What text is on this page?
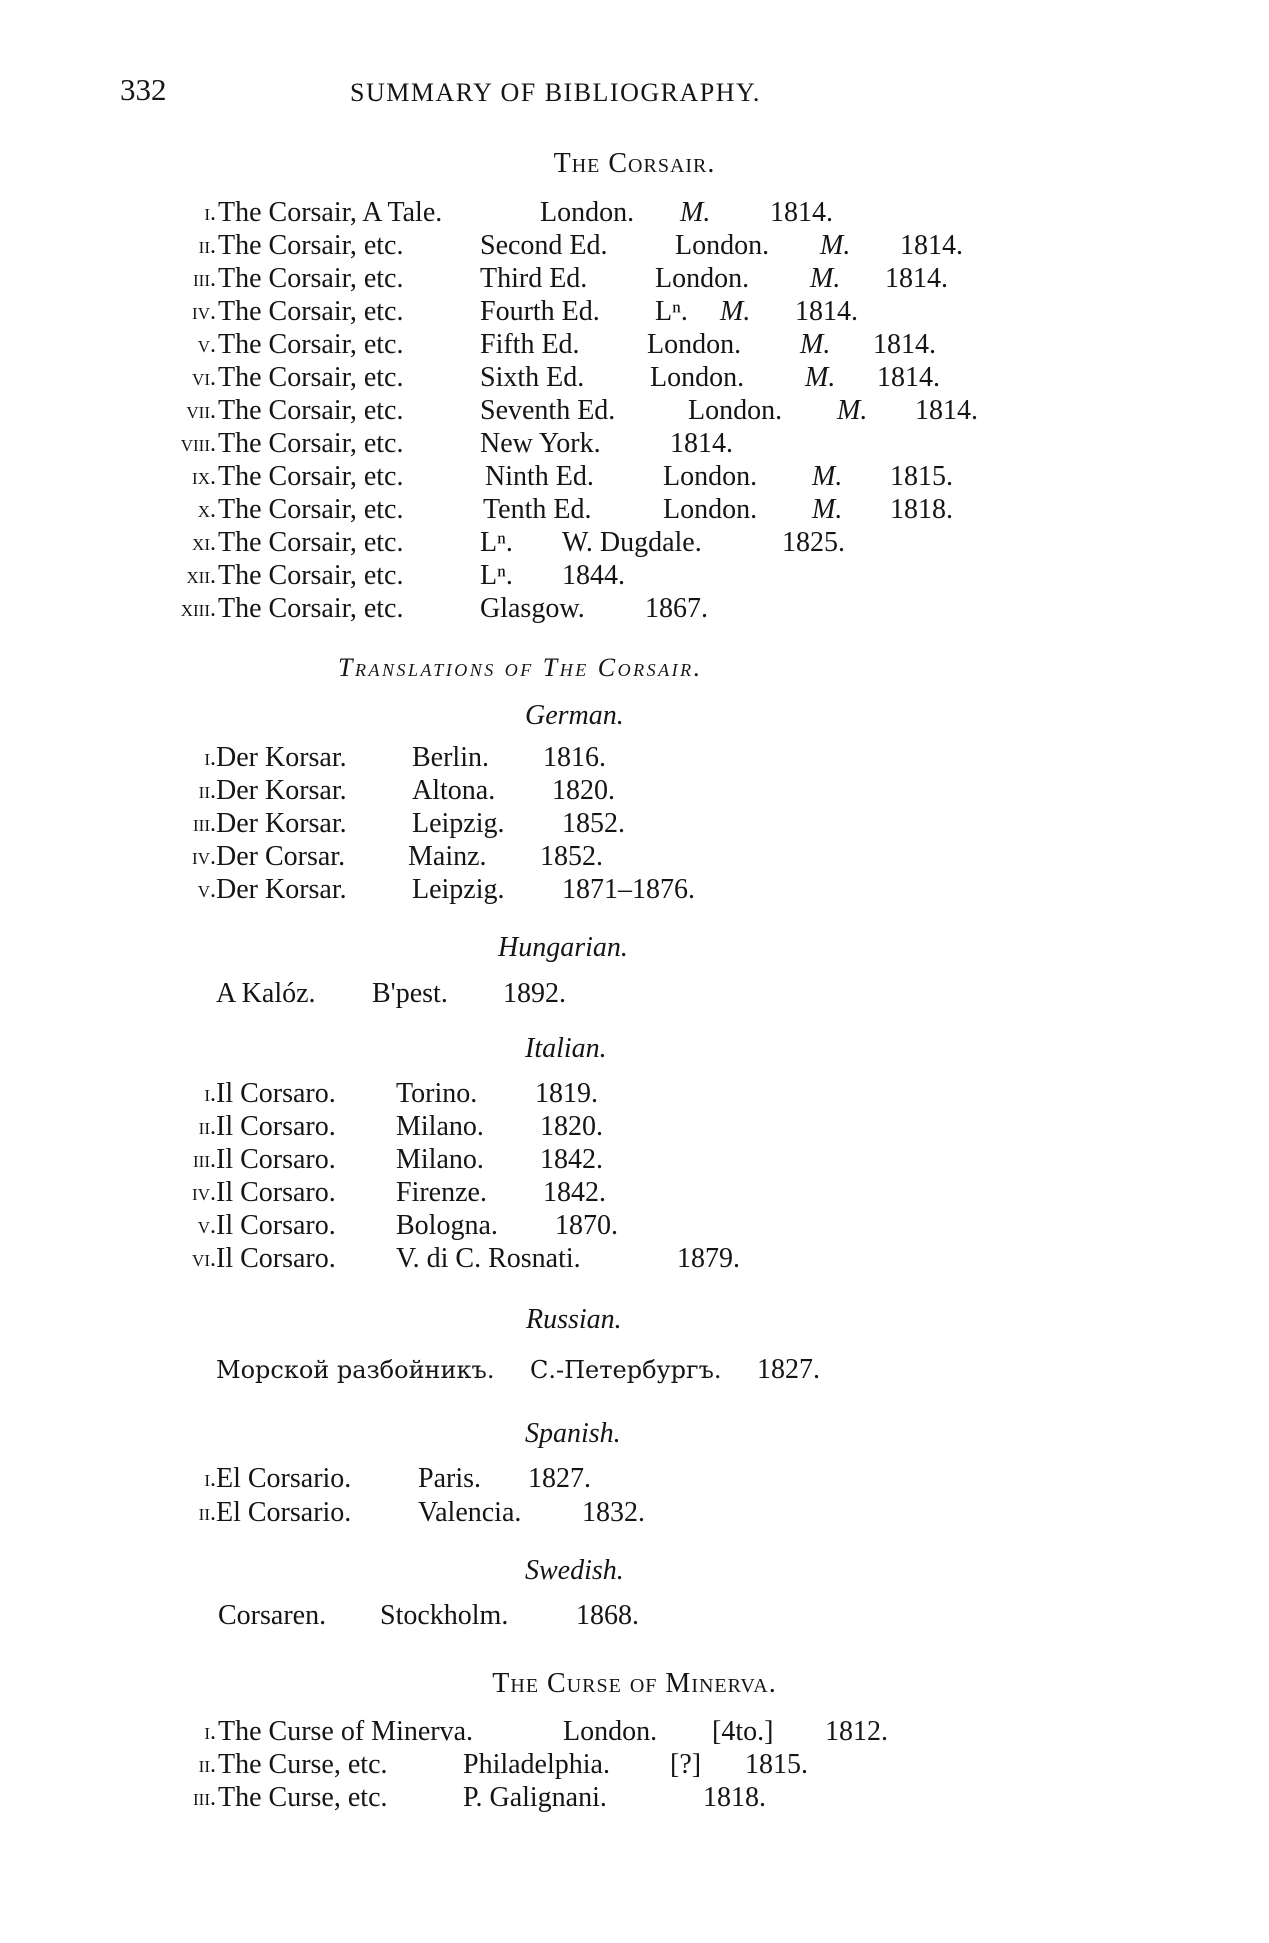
332	SUMMARY OF BIBLIOGRAPHY.
The Corsair.
i. The Corsair, A Tale.	London. M. 1814.
ii. The Corsair, etc.	Second Ed. London. M. 1814.
iii. The Corsair, etc.	Third Ed. London. M. 1814.
iv. The Corsair, etc.	Fourth Ed. Lⁿ. M. 1814.
v. The Corsair, etc.	Fifth Ed. London. M. 1814.
vi. The Corsair, etc.	Sixth Ed. London. M. 1814.
vii. The Corsair, etc.	Seventh Ed.	London. M. 1814.
viii. The Corsair, etc.	New York. 1814.
ix. The Corsair, etc.	Ninth Ed. London. M. 1815.
x. The Corsair, etc.	Tenth Ed.	London. M. 1818.
xi. The Corsair, etc.	Lⁿ. W. Dugdale.	1825.
xii. The Corsair, etc.	Lⁿ. 1844.
xiii. The Corsair, etc.	Glasgow. 1867.
Translations of The Corsair.
German.
i. Der Korsar. Berlin. 1816.
ii. Der Korsar. Altona. 1820.
iii. Der Korsar. Leipzig. 1852.
iv. Der Corsar. Mainz. 1852.
v. Der Korsar. Leipzig. 1871–1876.
Hungarian.
A Kalóz. B'pest. 1892.
Italian.
i. Il Corsaro. Torino. 1819.
ii. Il Corsaro. Milano. 1820.
iii. Il Corsaro. Milano. 1842.
iv. Il Corsaro. Firenze. 1842.
v. Il Corsaro. Bologna. 1870.
vi. Il Corsaro. V. di C. Rosnati.	1879.
Russian.
Морской разбойникъ. С.-Петербургъ. 1827.
Spanish.
i. El Corsario. Paris. 1827.
ii. El Corsario. Valencia. 1832.
Swedish.
Corsaren. Stockholm. 1868.
The Curse of Minerva.
i. The Curse of Minerva.	London. [4to.] 1812.
ii. The Curse, etc.	Philadelphia. [?] 1815.
iii. The Curse, etc.	P. Galignani.	1818.
